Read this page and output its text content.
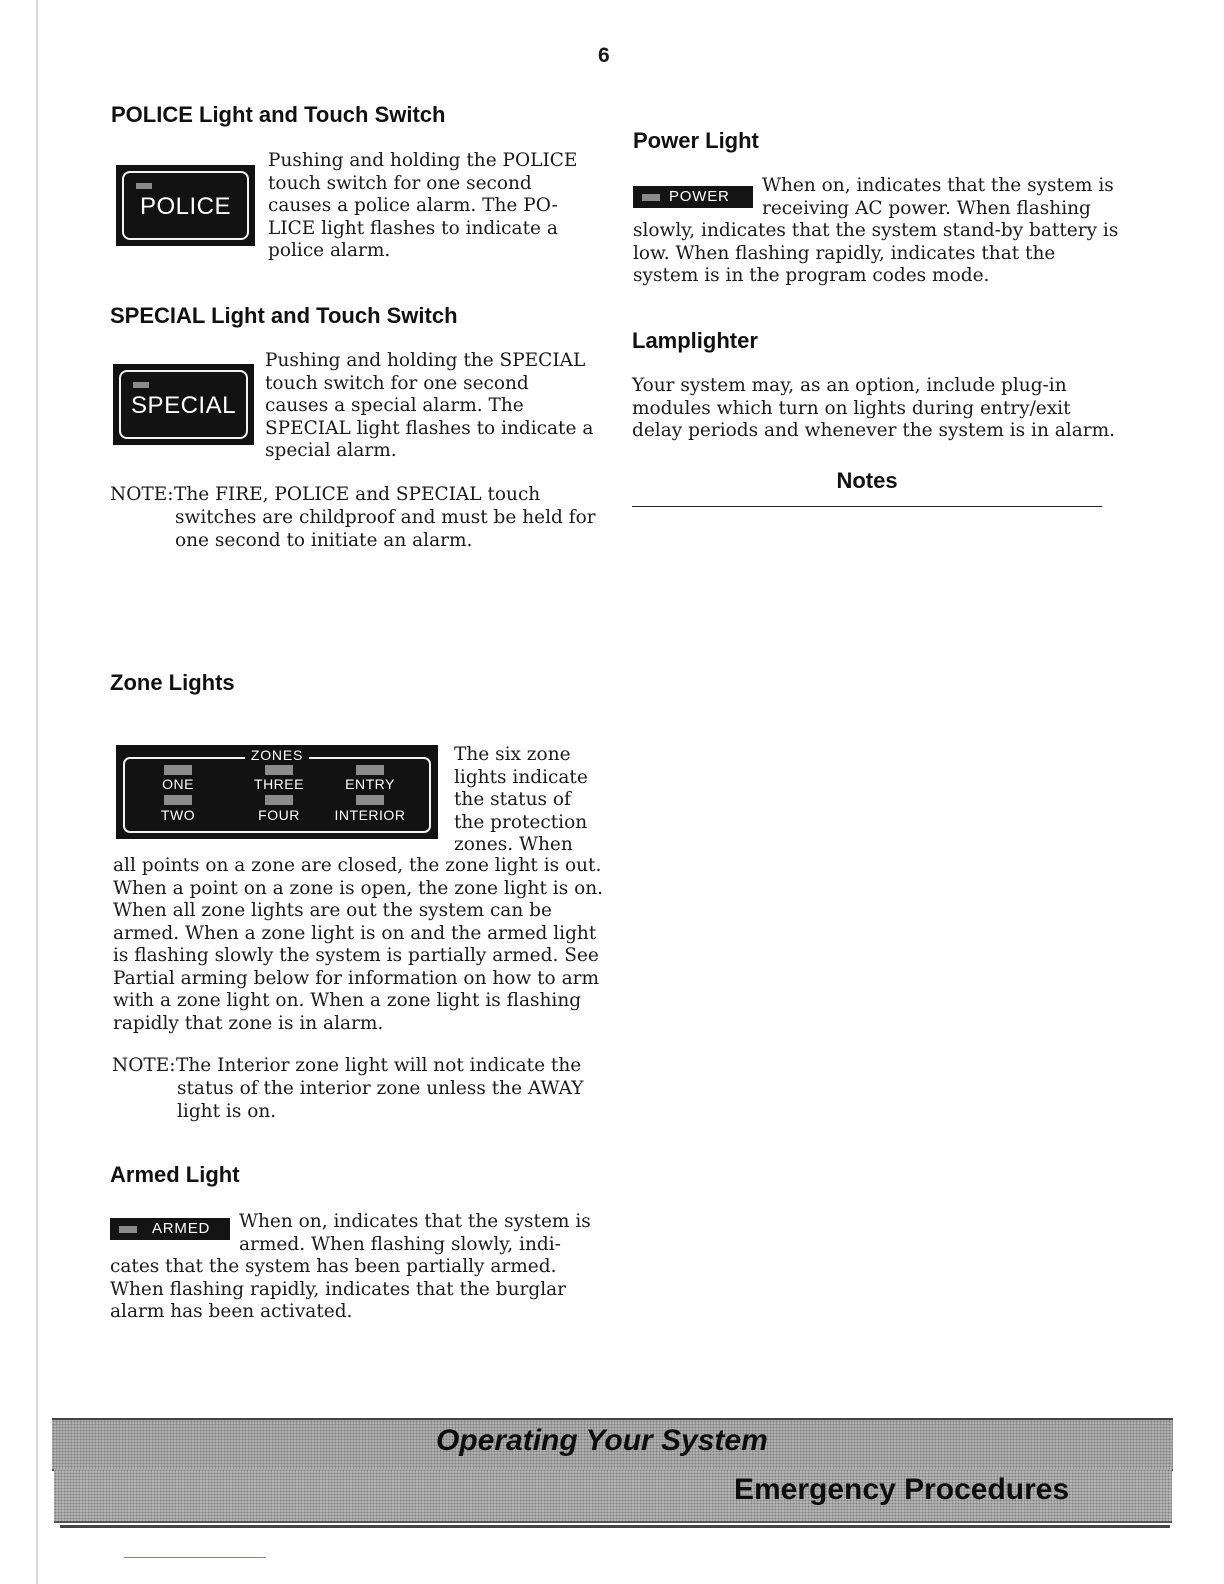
6
POLICE Light and Touch Switch
POLICE
Pushing and holding the POLICE
touch switch for one second
causes a police alarm. The PO-
LICE light flashes to indicate a
police alarm.
SPECIAL Light and Touch Switch
SPECIAL
Pushing and holding the SPECIAL
touch switch for one second
causes a special alarm. The
SPECIAL light flashes to indicate a
special alarm.
NOTE: The FIRE, POLICE and SPECIAL touch
switches are childproof and must be held for
one second to initiate an alarm.
Power Light
POWER
When on, indicates that the system is
receiving AC power. When flashing
slowly, indicates that the system stand-by battery is
low. When flashing rapidly, indicates that the
system is in the program codes mode.
Lamplighter
Your system may, as an option, include plug-in
modules which turn on lights during entry/exit
delay periods and whenever the system is in alarm.
Notes
Zone Lights
ZONES
ONE	THREE	ENTRY
TWO	FOUR	INTERIOR
The six zone
lights indicate
the status of
the protection
zones. When
all points on a zone are closed, the zone light is out.
When a point on a zone is open, the zone light is on.
When all zone lights are out the system can be
armed. When a zone light is on and the armed light
is flashing slowly the system is partially armed. See
Partial arming below for information on how to arm
with a zone light on. When a zone light is flashing
rapidly that zone is in alarm.
NOTE: The Interior zone light will not indicate the
status of the interior zone unless the AWAY
light is on.
Armed Light
ARMED When on, indicates that the system is
armed. When flashing slowly, indi-
cates that the system has been partially armed.
When flashing rapidly, indicates that the burglar
alarm has been activated.
Operating Your System
Emergency Procedures
